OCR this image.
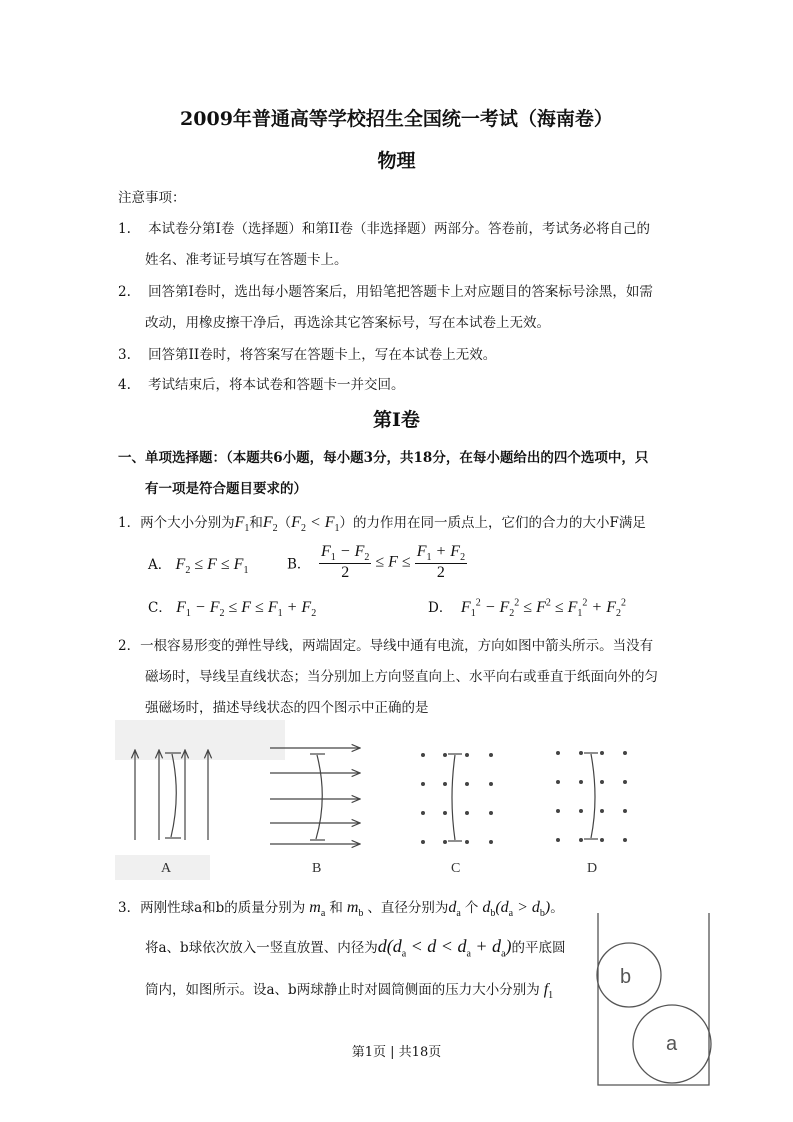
2009年普通高等学校招生全国统一考试（海南卷）
物理
注意事项：
1. 本试卷分第I卷（选择题）和第II卷（非选择题）两部分。答卷前，考试务必将自己的
姓名、准考证号填写在答题卡上。
2. 回答第I卷时，选出每小题答案后，用铅笔把答题卡上对应题目的答案标号涂黑，如需
改动，用橡皮擦干净后，再选涂其它答案标号，写在本试卷上无效。
3. 回答第II卷时，将答案写在答题卡上，写在本试卷上无效。
4. 考试结束后，将本试卷和答题卡一并交回。
第I卷
一、单项选择题：（本题共6小题，每小题3分，共18分，在每小题给出的四个选项中，只
有一项是符合题目要求的）
1．两个大小分别为$F_1$和$F_2(F_2 < F_1)$的力作用在同一质点上，它们的合力的大小F满足
A． $F_2 \le F \le F_1$	B． $\frac{F_1 - F_2}{2} \le F \le \frac{F_1 + F_2}{2}$
C． $F_1 - F_2 \le F \le F_1 + F_2$	D． $F_1^2 - F_2^2 \le F^2 \le F_1^2 + F_2^2$
2．一根容易形变的弹性导线，两端固定。导线中通有电流，方向如图中箭头所示。当没有
磁场时，导线呈直线状态；当分别加上方向竖直向上、水平向右或垂直于纸面向外的匀
强磁场时，描述导线状态的四个图示中正确的是
A	B	C	D
3．两刚性球a和b的质量分别为 $m_a$ 和 $m_b$ 、直径分别为$d_a$ 个 $d_b(d_a > d_b)$。
将a、b球依次放入一竖直放置、内径为$d(d_a < d < d_a + d_a)$的平底圆
筒内，如图所示。设a、b两球静止时对圆筒侧面的压力大小分别为 $f_1$
b
a
第1页 | 共18页
